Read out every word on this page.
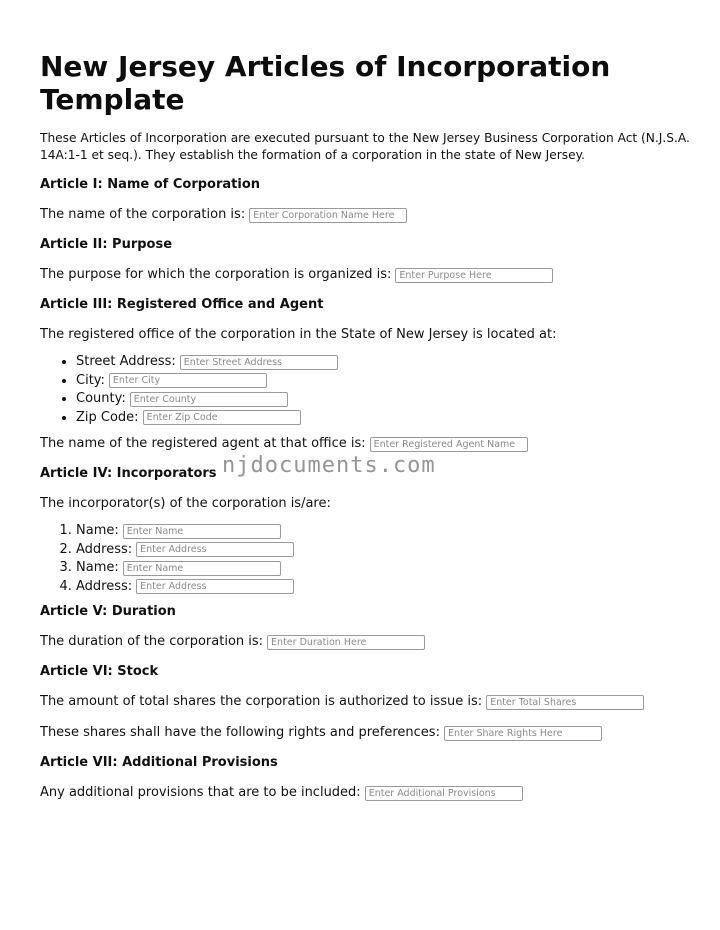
New Jersey Articles of Incorporation Template

These Articles of Incorporation are executed pursuant to the New Jersey Business Corporation Act (N.J.S.A. 14A:1-1 et seq.). They establish the formation of a corporation in the state of New Jersey.

Article I: Name of Corporation
The name of the corporation is:
Enter Corporation Name Here
Article II: Purpose
The purpose for which the corporation is organized is:
Enter Purpose Here
Article III: Registered Office and Agent
The registered office of the corporation in the State of New Jersey is located at:
• Street Address:
Enter Street Address
• City:
Enter City
• County:
Enter County
• Zip Code:
Enter Zip Code
The name of the registered agent at that office is:
Enter Registered Agent Name
Article IV: Incorporators
The incorporator(s) of the corporation is/are:
1. Name:
Enter Name
2. Address:
Enter Address
3. Name:
Enter Name
4. Address:
Enter Address
Article V: Duration
The duration of the corporation is:
Enter Duration Here
Article VI: Stock
The amount of total shares the corporation is authorized to issue is:
Enter Total Shares
These shares shall have the following rights and preferences:
Enter Share Rights Here
Article VII: Additional Provisions
Any additional provisions that are to be included:
Enter Additional Provisions
njdocuments.com
